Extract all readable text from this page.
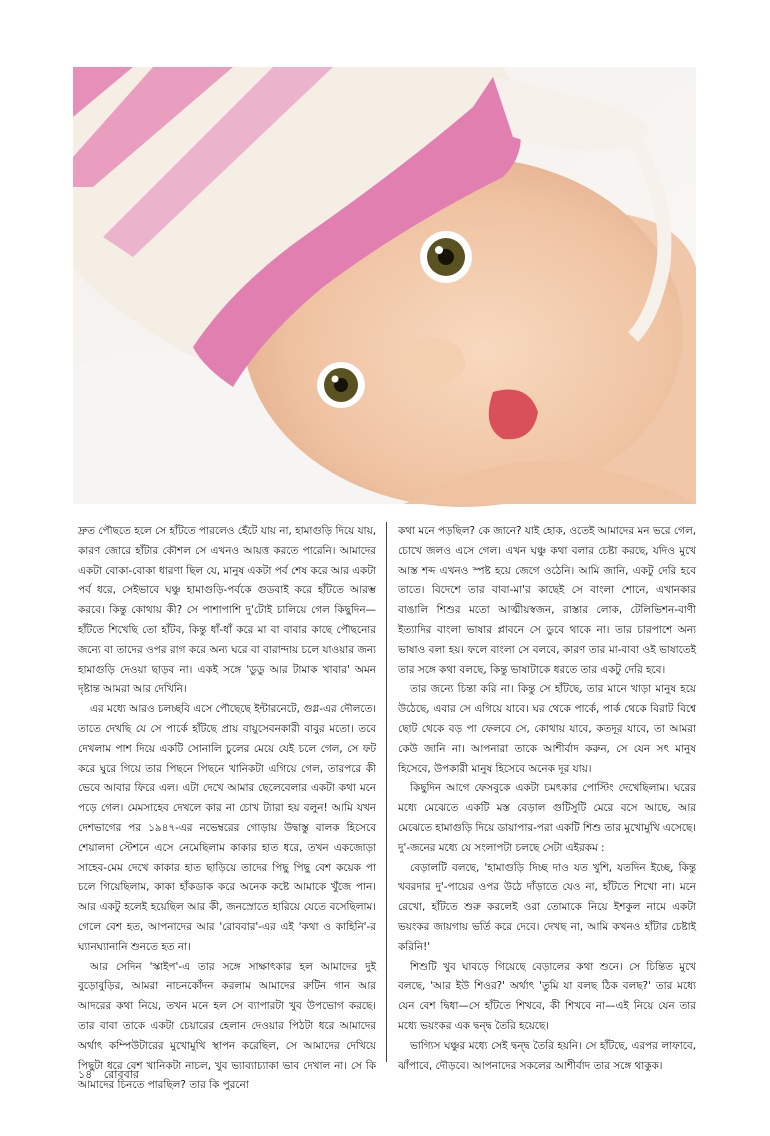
দ্রুত পৌছতে হলে সে হাঁটতে পারলেও হেঁটে যায় না, হামাগুড়ি দিয়ে যায়, কারণ জোরে হাঁটার কৌশল সে এখনও আয়ত্ত করতে পারেনি। আমাদের একটা বোকা-বোকা ধারণা ছিল যে, মানুষ একটা পর্ব শেষ করে আর একটা পর্ব ধরে, সেইভাবে ঘঞ্চু হামাগুড়ি-পর্বকে গুডবাই করে হাঁটতে আরম্ভ করবে। কিন্তু কোথায় কী? সে পাশাপাশি দু'টোই চালিয়ে গেল কিছুদিন—হাঁটতে শিখেছি তো হাঁটব, কিন্তু ধাঁ-ধাঁ করে মা বা বাবার কাছে পৌছনোর জন্যে বা তাদের ওপর রাগ করে অন্য ঘরে বা বারান্দায় চলে যাওয়ার জন্য হামাগুড়ি দেওয়া ছাড়ব না। একই সঙ্গে 'ডুডু আর টামাক খাবার' অমন দৃষ্টান্ত আমরা আর দেখিনি।

এর মধ্যে আরও চলচ্ছবি এসে পৌছেছে ইন্টারনেটে, গুগ্ল-এর দৌলতে। তাতে দেখছি যে সে পার্কে হাঁটছে প্রায় বায়ুসেবনকারী বাবুর মতো। তবে দেখলাম পাশ দিয়ে একটি সোনালি চুলের মেয়ে যেই চলে গেল, সে ফট করে ঘুরে গিয়ে তার পিছনে পিছনে খানিকটা এগিয়ে গেল, তারপরে কী ভেবে আবার ফিরে এল। এটা দেখে আমার ছেলেবেলার একটা কথা মনে পড়ে গেল। মেমসাহেব দেখলে কার না চোখ ট্যারা হয় বলুন! আমি যখন দেশভাগের পর ১৯৪৭-এর নভেম্বরের গোড়ায় উদ্বাস্তু বালক হিসেবে শেয়ালদা স্টেশনে এসে নেমেছিলাম কাকার হাত ধরে, তখন একজোড়া সাহেব-মেম দেখে কাকার হাত ছাড়িয়ে তাদের পিছু পিছু বেশ কয়েক পা চলে গিয়েছিলাম, কাকা হাঁকডাক করে অনেক কষ্টে আমাকে খুঁজে পান। আর একটু হলেই হয়েছিল আর কী, জনস্রোতে হারিয়ে যেতে বসেছিলাম। গেলে বেশ হত, আপনাদের আর 'রোববার'-এর এই 'কথা ও কাহিনি'-র ঘ্যানঘ্যানানি শুনতে হত না।

আর সেদিন 'স্কাইপ'-এ তার সঙ্গে সাক্ষাৎকার হল আমাদের দুই বুড়োবুড়ির, আমরা নাচনকোঁদন করলাম আমাদের রুটিন গান আর আদরের কথা নিয়ে, তখন মনে হল সে ব্যাপারটা খুব উপভোগ করছে। তার বাবা তাকে একটা চেয়ারের হেলান দেওয়ার পিঠটা ধরে আমাদের অর্থাৎ কম্পিউটারের মুখোমুখি স্থাপন করেছিল, সে আমাদের দেখিয়ে পিছুটা ধরে বেশ খানিকটা নাচল, খুব ভ্যাব্যাচ্যাকা ভাব দেখাল না। সে কি আমাদের চিনতে পারছিল? তার কি পুরনো

কথা মনে পড়ছিল? কে জানে? যাই হোক, ওতেই আমাদের মন ভরে গেল, চোখে জলও এসে গেল। এখন ঘঞ্চু কথা বলার চেষ্টা করছে, যদিও মুখে আস্ত শব্দ এখনও স্পষ্ট হয়ে জেগে ওঠেনি। আমি জানি, একটু দেরি হবে তাতে। বিদেশে তার বাবা-মা'র কাছেই সে বাংলা শোনে, এখানকার বাঙালি শিশুর মতো আত্মীয়স্বজন, রাস্তার লোক, টেলিভিশন-বাণী ইত্যাদির বাংলা ভাষার প্লাবনে সে ডুবে থাকে না। তার চারপাশে অন্য ভাষাও বলা হয়। ফলে বাংলা সে বলবে, কারণ তার মা-বাবা ওই ভাষাতেই তার সঙ্গে কথা বলছে, কিন্তু ভাষাটাকে ধরতে তার একটু দেরি হবে।

তার জন্যে চিন্তা করি না। কিন্তু সে হাঁটছে, তার মানে খাড়া মানুষ হয়ে উঠেছে, এবার সে এগিয়ে যাবে। ঘর থেকে পার্কে, পার্ক থেকে বিরাট বিশ্বে ছোট থেকে বড় পা ফেলবে সে, কোথায় যাবে, কতদূর যাবে, তা আমরা কেউ জানি না। আপনারা তাকে আশীর্বাদ করুন, সে যেন সৎ মানুষ হিসেবে, উপকারী মানুষ হিসেবে অনেক দূর যায়।

কিছুদিন আগে ফেসবুকে একটা চমৎকার পোস্টিং দেখেছিলাম। ঘরের মধ্যে মেঝেতে একটি মস্ত বেড়াল গুটিসুটি মেরে বসে আছে, আর মেঝেতে হামাগুড়ি দিয়ে ডায়াপার-পরা একটি শিশু তার মুখোমুখি এসেছে। দু'-জনের মধ্যে যে সংলাপটা চলছে সেটা এইরকম :

বেড়ালটি বলছে, 'হামাগুড়ি দিচ্ছ দাও যত খুশি, যতদিন ইচ্ছে, কিন্তু খবরদার দু'-পায়ের ওপর উঠে দাঁড়াতে যেও না, হাঁটতে শিখো না। মনে রেখো, হাঁটতে শুরু করলেই ওরা তোমাকে নিয়ে ইশকুল নামে একটা ভয়ংকর জায়গায় ভর্তি করে দেবে। দেখছ না, আমি কখনও হাঁটার চেষ্টাই করিনি!'

শিশুটি খুব ঘাবড়ে গিয়েছে বেড়ালের কথা শুনে। সে চিন্তিত মুখে বলছে, 'আর ইউ শিওর?' অর্থাৎ 'তুমি যা বলছ ঠিক বলছ?' তার মধ্যে যেন বেশ দ্বিধা—সে হাঁটতে শিখবে, কী শিখবে না—এই নিয়ে যেন তার মধ্যে ভয়ংকর এক দ্বন্দ্ব তৈরি হয়েছে।

ভাগ্যিস ঘঞ্চুর মধ্যে সেই দ্বন্দ্ব তৈরি হয়নি। সে হাঁটছে, এরপর লাফাবে, ঝাঁপাবে, দৌড়বে। আপনাদের সকলের আশীর্বাদ তার সঙ্গে থাকুক।

১৪ রোববার
